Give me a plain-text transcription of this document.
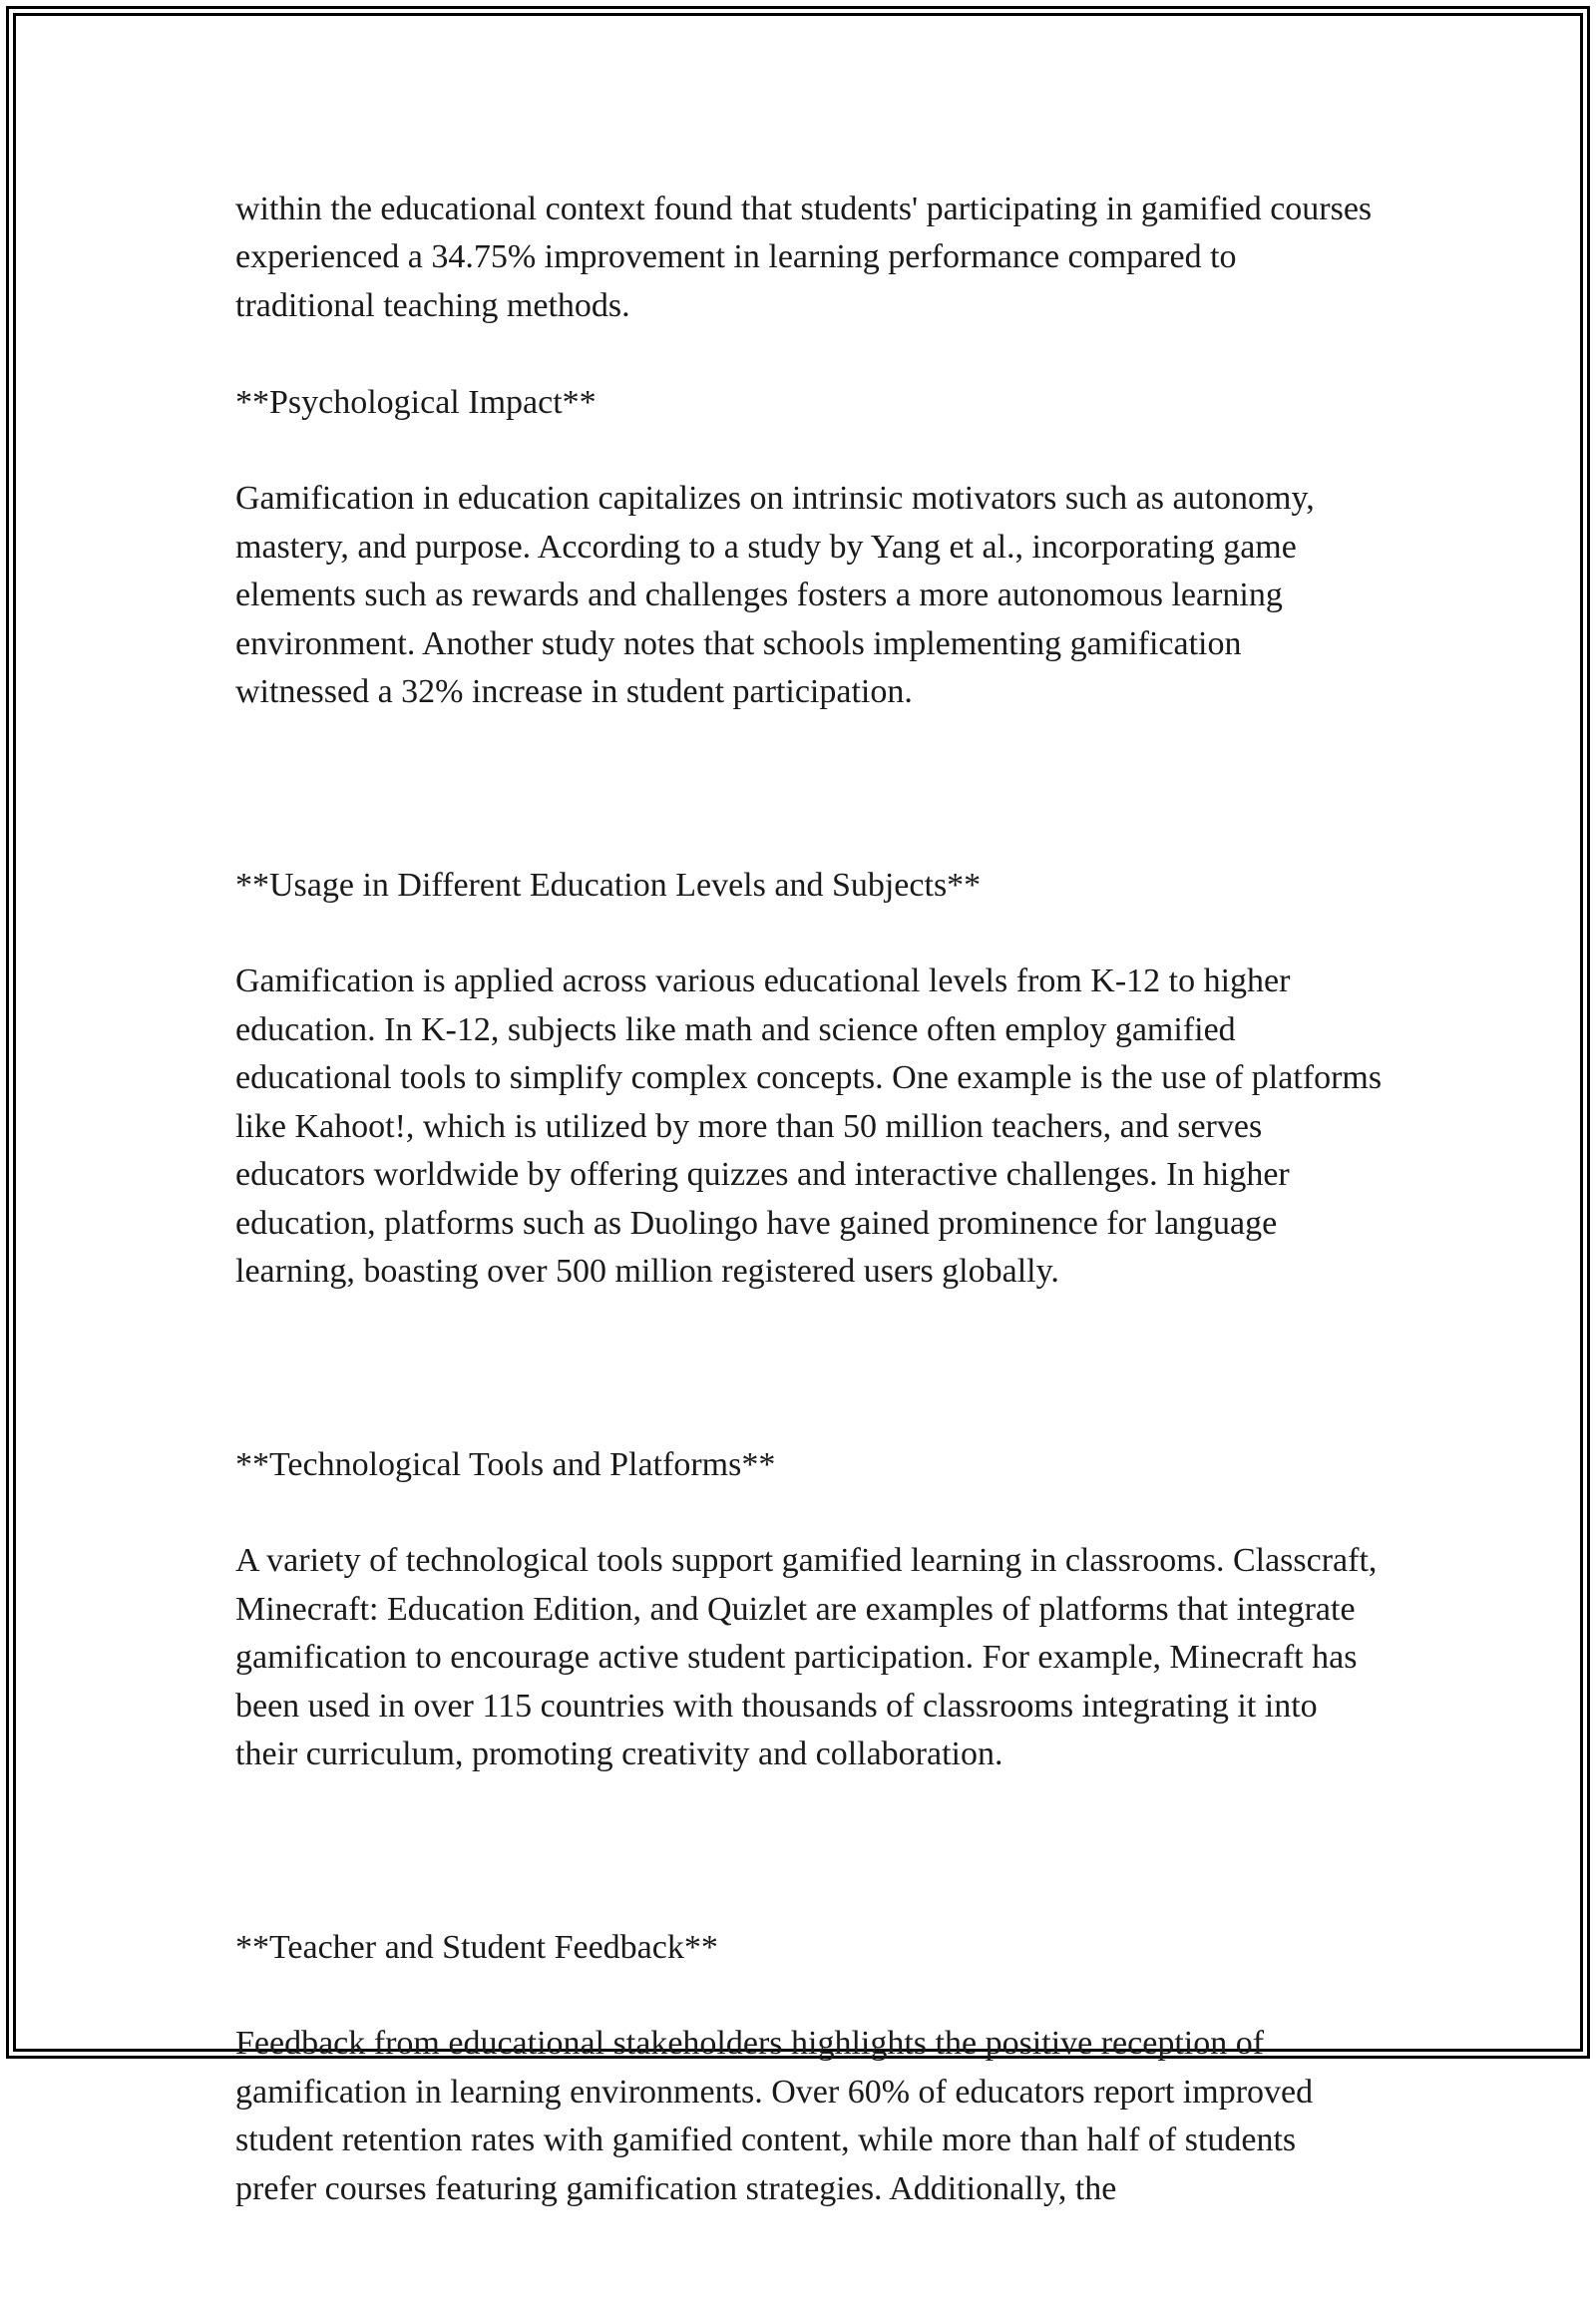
within the educational context found that students' participating in gamified courses experienced a 34.75% improvement in learning performance compared to traditional teaching methods.

**Psychological Impact**

Gamification in education capitalizes on intrinsic motivators such as autonomy, mastery, and purpose. According to a study by Yang et al., incorporating game elements such as rewards and challenges fosters a more autonomous learning environment. Another study notes that schools implementing gamification witnessed a 32% increase in student participation.

**Usage in Different Education Levels and Subjects**

Gamification is applied across various educational levels from K-12 to higher education. In K-12, subjects like math and science often employ gamified educational tools to simplify complex concepts. One example is the use of platforms like Kahoot!, which is utilized by more than 50 million teachers, and serves educators worldwide by offering quizzes and interactive challenges. In higher education, platforms such as Duolingo have gained prominence for language learning, boasting over 500 million registered users globally.

**Technological Tools and Platforms**

A variety of technological tools support gamified learning in classrooms. Classcraft, Minecraft: Education Edition, and Quizlet are examples of platforms that integrate gamification to encourage active student participation. For example, Minecraft has been used in over 115 countries with thousands of classrooms integrating it into their curriculum, promoting creativity and collaboration.

**Teacher and Student Feedback**

Feedback from educational stakeholders highlights the positive reception of gamification in learning environments. Over 60% of educators report improved student retention rates with gamified content, while more than half of students prefer courses featuring gamification strategies. Additionally, the
